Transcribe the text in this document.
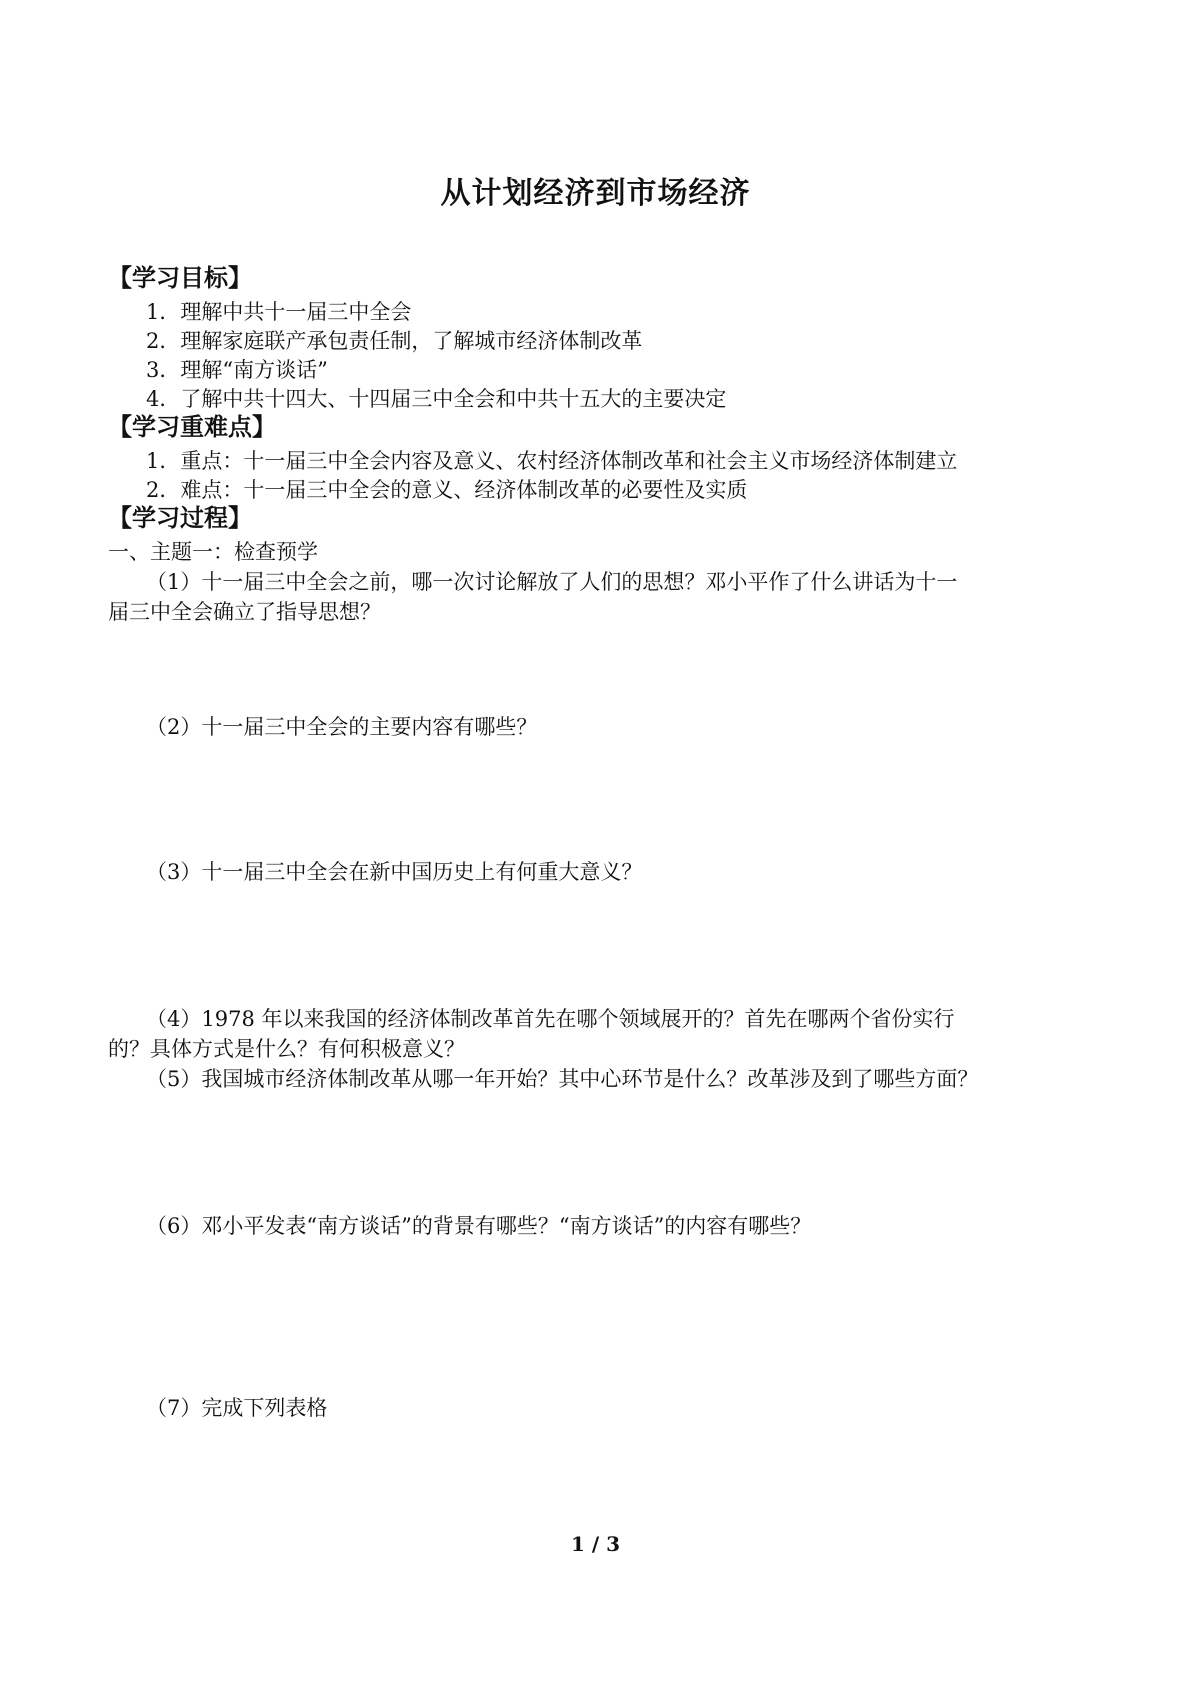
从计划经济到市场经济
【学习目标】
1．理解中共十一届三中全会
2．理解家庭联产承包责任制，了解城市经济体制改革
3．理解“南方谈话”
4．了解中共十四大、十四届三中全会和中共十五大的主要决定
【学习重难点】
1．重点：十一届三中全会内容及意义、农村经济体制改革和社会主义市场经济体制建立
2．难点：十一届三中全会的意义、经济体制改革的必要性及实质
【学习过程】
一、主题一：检查预学
（1）十一届三中全会之前，哪一次讨论解放了人们的思想？邓小平作了什么讲话为十一
届三中全会确立了指导思想？
（2）十一届三中全会的主要内容有哪些？
（3）十一届三中全会在新中国历史上有何重大意义？
（4）1978 年以来我国的经济体制改革首先在哪个领域展开的？首先在哪两个省份实行
的？具体方式是什么？有何积极意义？
（5）我国城市经济体制改革从哪一年开始？其中心环节是什么？改革涉及到了哪些方面？
（6）邓小平发表“南方谈话”的背景有哪些？“南方谈话”的内容有哪些？
（7）完成下列表格
1 / 3
